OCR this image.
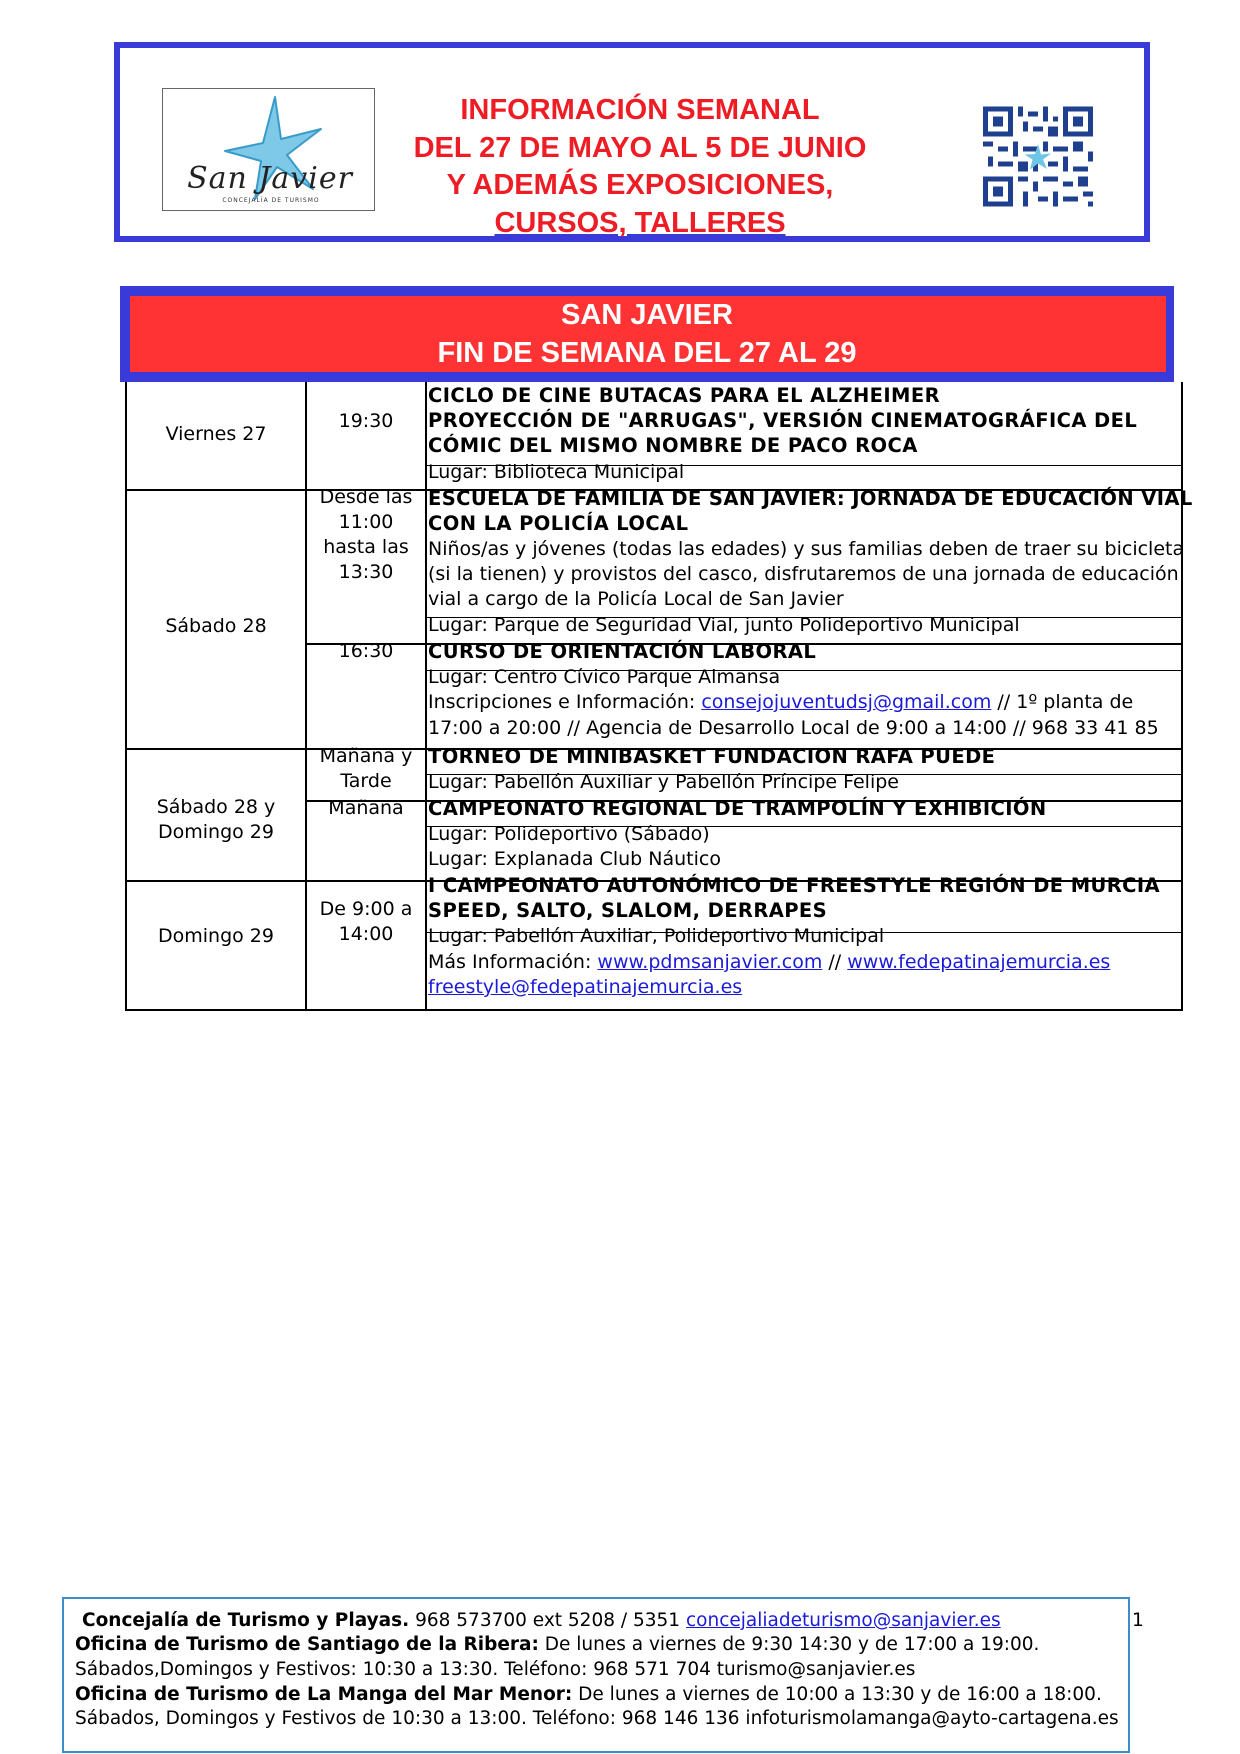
San Javier
CONCEJALÍA DE TURISMO
INFORMACIÓN SEMANAL
DEL 27 DE MAYO AL 5 DE JUNIO
Y ADEMÁS EXPOSICIONES,
CURSOS, TALLERES
SAN JAVIER
FIN DE SEMANA DEL 27 AL 29
Viernes 27
Sábado 28
Sábado 28 y
Domingo 29
Domingo 29
19:30
Desde las 11:00 hasta las 13:30
16:30
Mañana y
Tarde
Mañana
De 9:00 a 14:00
CICLO DE CINE BUTACAS PARA EL ALZHEIMER
PROYECCIÓN DE "ARRUGAS", VERSIÓN CINEMATOGRÁFICA DEL
CÓMIC DEL MISMO NOMBRE DE PACO ROCA
Lugar: Biblioteca Municipal
ESCUELA DE FAMILIA DE SAN JAVIER: JORNADA DE EDUCACIÓN VIAL
CON LA POLICÍA LOCAL
Niños/as y jóvenes (todas las edades) y sus familias deben de traer su bicicleta
(si la tienen) y provistos del casco, disfrutaremos de una jornada de educación
vial a cargo de la Policía Local de San Javier
Lugar: Parque de Seguridad Vial, junto Polideportivo Municipal
CURSO DE ORIENTACIÓN LABORAL
Lugar: Centro Cívico Parque Almansa
Inscripciones e Información: consejojuventudsj@gmail.com // 1º planta de
17:00 a 20:00 // Agencia de Desarrollo Local de 9:00 a 14:00 // 968 33 41 85
TORNEO DE MINIBASKET FUNDACION RAFA PUEDE
Lugar: Pabellón Auxiliar y Pabellón Príncipe Felipe
CAMPEONATO REGIONAL DE TRAMPOLÍN Y EXHIBICIÓN
Lugar: Polideportivo (Sábado)
Lugar: Explanada Club Náutico
I CAMPEONATO AUTONÓMICO DE FREESTYLE REGIÓN DE MURCIA
SPEED, SALTO, SLALOM, DERRAPES
Lugar: Pabellón Auxiliar, Polideportivo Municipal
Más Información: www.pdmsanjavier.com // www.fedepatinajemurcia.es
freestyle@fedepatinajemurcia.es
Concejalía de Turismo y Playas. 968 573700 ext 5208 / 5351 concejaliadeturismo@sanjavier.es	1
Oficina de Turismo de Santiago de la Ribera: De lunes a viernes de 9:30 14:30 y de 17:00 a 19:00.
Sábados,Domingos y Festivos: 10:30 a 13:30. Teléfono: 968 571 704 turismo@sanjavier.es
Oficina de Turismo de La Manga del Mar Menor: De lunes a viernes de 10:00 a 13:30 y de 16:00 a 18:00.
Sábados, Domingos y Festivos de 10:30 a 13:00. Teléfono: 968 146 136 infoturismolamanga@ayto-cartagena.es
